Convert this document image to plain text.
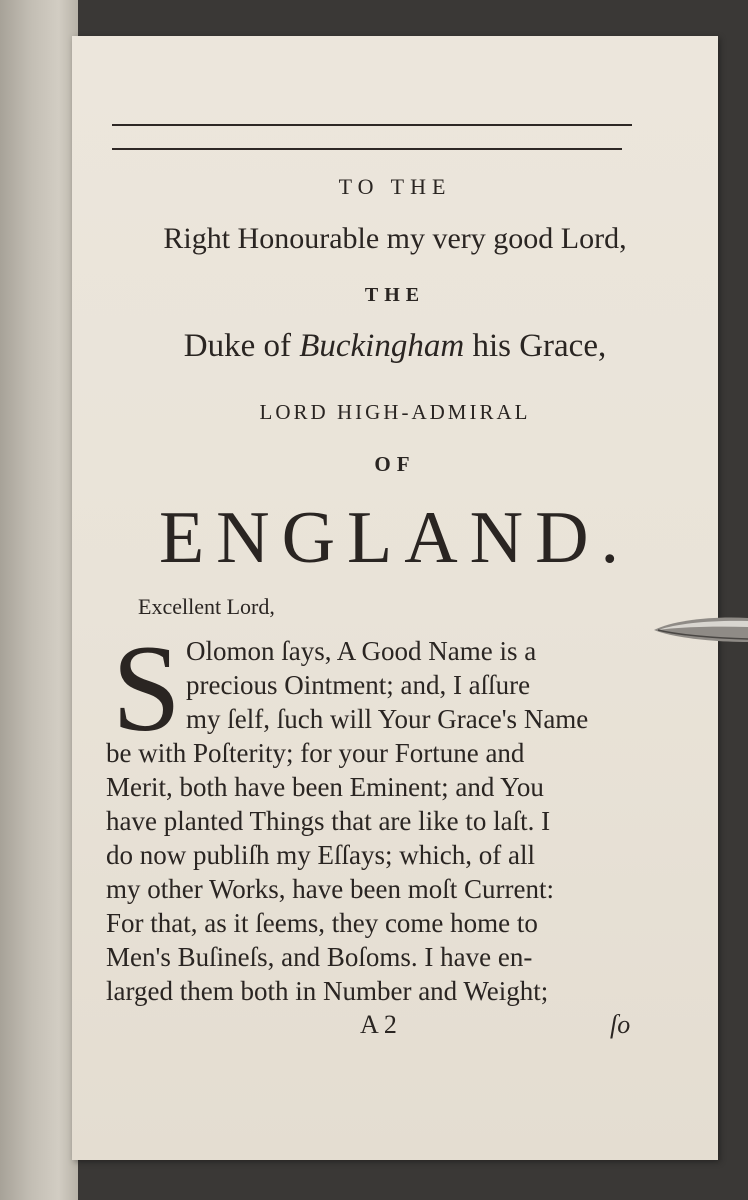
TO THE
Right Honourable my very good Lord,
THE
Duke of Buckingham his Grace,
LORD HIGH-ADMIRAL
OF
ENGLAND.
Excellent Lord,
S Olomon ſays, A Good Name is a
precious Ointment; and, I aſſure
my ſelf, ſuch will Your Grace's Name
be with Poſterity; for your Fortune and
Merit, both have been Eminent; and You
have planted Things that are like to laſt. I
do now publiſh my Eſſays; which, of all
my other Works, have been moſt Current:
For that, as it ſeems, they come home to
Men's Buſineſs, and Boſoms. I have en-
larged them both in Number and Weight;
A 2	ſo
